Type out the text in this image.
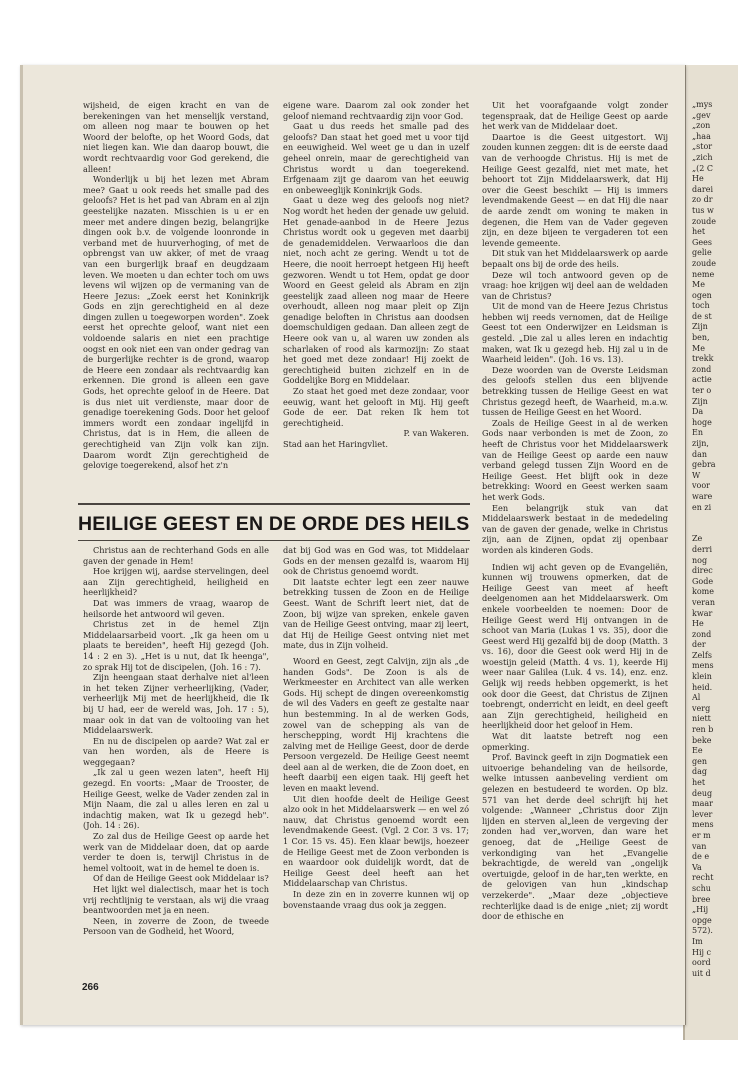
„mys
„gev
„zon
„haa
„stor
„zich
„(2 C
He
darei
zo dr
tus w
zoude
het
Gees
gelie
zoude
neme
Me
ogen
toch
de st
Zijn
ben,
Me
trekk
zond
actie
ter o
Zijn
Da
hoge
En
zijn,
dan
gebra
W
voor
ware
en zi
Ze
derri
nog
direc
Gode
kome
veran
kwar
He
zond
der
Zelfs
mens
klein
heid.
Al
verg
niett
ren b
beke
Ee
gen
dag
het
deug
maar
lever
mens
er m
van
de e
Va
recht
schu
bree
„Hij
opge
572).
Im
Hij c
oord
uit d

wijsheid, de eigen kracht en van de berekeningen van het menselijk verstand, om alleen nog maar te bouwen op het Woord der belofte, op het Woord Gods, dat niet liegen kan. Wie dan daarop bouwt, die wordt rechtvaardig voor God gerekend, die alleen!

Wonderlijk u bij het lezen met Abram mee? Gaat u ook reeds het smalle pad des geloofs? Het is het pad van Abram en al zijn geestelijke nazaten. Misschien is u er en meer met andere dingen bezig, belangrijke dingen ook b.v. de volgende loonronde in verband met de huurverhoging, of met de opbrengst van uw akker, of met de vraag van een burgerlijk braaf en deugdzaam leven. We moeten u dan echter toch om uws levens wil wijzen op de vermaning van de Heere Jezus: „Zoek eerst het Koninkrijk Gods en zijn gerechtigheid en al deze dingen zullen u toegeworpen worden". Zoek eerst het oprechte geloof, want niet een voldoende salaris en niet een prachtige oogst en ook niet een van onder gedrag van de burgerlijke rechter is de grond, waarop de Heere een zondaar als rechtvaardig kan erkennen. Die grond is alleen een gave Gods, het oprechte geloof in de Heere. Dat is dus niet uit verdienste, maar door de genadige toerekening Gods. Door het geloof immers wordt een zondaar ingelijfd in Christus, dat is in Hem, die alleen de gerechtigheid van Zijn volk kan zijn. Daarom wordt Zijn gerechtigheid de gelovige toegerekend, alsof het z'n

eigene ware. Daarom zal ook zonder het geloof niemand rechtvaardig zijn voor God.

Gaat u dus reeds het smalle pad des geloofs? Dan staat het goed met u voor tijd en eeuwigheid. Wel weet ge u dan in uzelf geheel onrein, maar de gerechtigheid van Christus wordt u dan toegerekend. Erfgenaam zijt ge daarom van het eeuwig en onbeweeglijk Koninkrijk Gods.

Gaat u deze weg des geloofs nog niet? Nog wordt het heden der genade uw geluid. Het genade-aanbod in de Heere Jezus Christus wordt ook u gegeven met daarbij de genademiddelen. Verwaarloos die dan niet, noch acht ze gering. Wendt u tot de Heere, die nooit herroept hetgeen Hij heeft gezworen. Wendt u tot Hem, opdat ge door Woord en Geest geleid als Abram en zijn geestelijk zaad alleen nog maar de Heere overhoudt, alleen nog maar pleit op Zijn genadige beloften in Christus aan doodsen doemschuldigen gedaan. Dan alleen zegt de Heere ook van u, al waren uw zonden als scharlaken of rood als karmozijn: Zo staat het goed met deze zondaar! Hij zoekt de gerechtigheid buiten zichzelf en in de Goddelijke Borg en Middelaar.

Zo staat het goed met deze zondaar, voor eeuwig, want het gelooft in Mij. Hij geeft Gode de eer. Dat reken Ik hem tot gerechtigheid.

P. van Wakeren.

Stad aan het Haringvliet.

HEILIGE GEEST EN DE ORDE DES HEILS

Uit het voorafgaande volgt zonder tegenspraak, dat de Heilige Geest op aarde het werk van de Middelaar doet.

Daartoe is die Geest uitgestort. Wij zouden kunnen zeggen: dit is de eerste daad van de verhoogde Christus. Hij is met de Heilige Geest gezalfd, niet met mate, het behoort tot Zijn Middelaarswerk, dat Hij over die Geest beschikt — Hij is immers levendmakende Geest — en dat Hij die naar de aarde zendt om woning te maken in degenen, die Hem van de Vader gegeven zijn, en deze bijeen te vergaderen tot een levende gemeente.

Dit stuk van het Middelaarswerk op aarde bepaalt ons bij de orde des heils.

Deze wil toch antwoord geven op de vraag: hoe krijgen wij deel aan de weldaden van de Christus?

Uit de mond van de Heere Jezus Christus hebben wij reeds vernomen, dat de Heilige Geest tot een Onderwijzer en Leidsman is gesteld. „Die zal u alles leren en indachtig maken, wat Ik u gezegd heb. Hij zal u in de Waarheid leiden". (Joh. 16 vs. 13).

Deze woorden van de Overste Leidsman des geloofs stellen dus een blijvende betrekking tussen de Heilige Geest en wat Christus gezegd heeft, de Waarheid, m.a.w. tussen de Heilige Geest en het Woord.

Zoals de Heilige Geest in al de werken Gods naar verbonden is met de Zoon, zo heeft de Christus voor het Middelaarswerk van de Heilige Geest op aarde een nauw verband gelegd tussen Zijn Woord en de Heilige Geest. Het blijft ook in deze betrekking: Woord en Geest werken saam het werk Gods.

Een belangrijk stuk van dat Middelaarswerk bestaat in de mededeling van de gaven der genade, welke in Christus zijn, aan de Zijnen, opdat zij openbaar worden als kinderen Gods.

Indien wij acht geven op de Evangeliën, kunnen wij trouwens opmerken, dat de Heilige Geest van meet af heeft deelgenomen aan het Middelaarswerk. Om enkele voorbeelden te noemen: Door de Heilige Geest werd Hij ontvangen in de schoot van Maria (Lukas 1 vs. 35), door die Geest werd Hij gezalfd bij de doop (Matth. 3 vs. 16), door die Geest ook werd Hij in de woestijn geleid (Matth. 4 vs. 1), keerde Hij weer naar Galilea (Luk. 4 vs. 14), enz. enz. Gelijk wij reeds hebben opgemerkt, is het ook door die Geest, dat Christus de Zijnen toebrengt, onderricht en leidt, en deel geeft aan Zijn gerechtigheid, heiligheid en heerlijkheid door het geloof in Hem.

Wat dit laatste betreft nog een opmerking.

Prof. Bavinck geeft in zijn Dogmatiek een uitvoerige behandeling van de heilsorde, welke intussen aanbeveling verdient om gelezen en bestudeerd te worden. Op blz. 571 van het derde deel schrijft hij het volgende: „Wanneer „Christus door Zijn lijden en sterven al„leen de vergeving der zonden had ver„worven, dan ware het genoeg, dat de „Heilige Geest de verkondiging van het „Evangelie bekrachtigde, de wereld van „ongelijk overtuigde, geloof in de har„ten werkte, en de gelovigen van hun „kindschap verzekerde". „Maar deze „objectieve rechterlijke daad is de enige „niet; zij wordt door de ethische en

Christus aan de rechterhand Gods en alle gaven der genade in Hem!

Hoe krijgen wij, aardse stervelingen, deel aan Zijn gerechtigheid, heiligheid en heerlijkheid?

Dat was immers de vraag, waarop de heilsorde het antwoord wil geven.

Christus zet in de hemel Zijn Middelaarsarbeid voort. „Ik ga heen om u plaats te bereiden", heeft Hij gezegd (Joh. 14 : 2 en 3). „Het is u nut, dat Ik heenga", zo sprak Hij tot de discipelen, (Joh. 16 : 7).

Zijn heengaan staat derhalve niet al'leen in het teken Zijner verheerlijking, (Vader, verheerlijk Mij met de heerlijkheid, die Ik bij U had, eer de wereld was, Joh. 17 : 5), maar ook in dat van de voltooiing van het Middelaarswerk.

En nu de discipelen op aarde? Wat zal er van hen worden, als de Heere is weggegaan?

„Ik zal u geen wezen laten", heeft Hij gezegd. En voorts: „Maar de Trooster, de Heilige Geest, welke de Vader zenden zal in Mijn Naam, die zal u alles leren en zal u indachtig maken, wat Ik u gezegd heb". (Joh. 14 : 26).

Zo zal dus de Heilige Geest op aarde het werk van de Middelaar doen, dat op aarde verder te doen is, terwijl Christus in de hemel voltooit, wat in de hemel te doen is.

Of dan de Heilige Geest ook Middelaar is?

Het lijkt wel dialectisch, maar het is toch vrij rechtlijnig te verstaan, als wij die vraag beantwoorden met ja en neen.

Neen, in zoverre de Zoon, de tweede Persoon van de Godheid, het Woord,

dat bij God was en God was, tot Middelaar Gods en der mensen gezalfd is, waarom Hij ook de Christus genoemd wordt.

Dit laatste echter legt een zeer nauwe betrekking tussen de Zoon en de Heilige Geest. Want de Schrift leert niet, dat de Zoon, bij wijze van spreken, enkele gaven van de Heilige Geest ontving, maar zij leert, dat Hij de Heilige Geest ontving niet met mate, dus in Zijn volheid.

Woord en Geest, zegt Calvijn, zijn als „de handen Gods". De Zoon is als de Werkmeester en Architect van alle werken Gods. Hij schept de dingen overeenkomstig de wil des Vaders en geeft ze gestalte naar hun bestemming. In al de werken Gods, zowel van de schepping als van de herschepping, wordt Hij krachtens die zalving met de Heilige Geest, door de derde Persoon vergezeld. De Heilige Geest neemt deel aan al de werken, die de Zoon doet, en heeft daarbij een eigen taak. Hij geeft het leven en maakt levend.

Uit dien hoofde deelt de Heilige Geest alzo ook in het Middelaarswerk — en wel zó nauw, dat Christus genoemd wordt een levendmakende Geest. (Vgl. 2 Cor. 3 vs. 17; 1 Cor. 15 vs. 45). Een klaar bewijs, hoezeer de Heilige Geest met de Zoon verbonden is en waardoor ook duidelijk wordt, dat de Heilige Geest deel heeft aan het Middelaarschap van Christus.

In deze zin en in zoverre kunnen wij op bovenstaande vraag dus ook ja zeggen.

266
